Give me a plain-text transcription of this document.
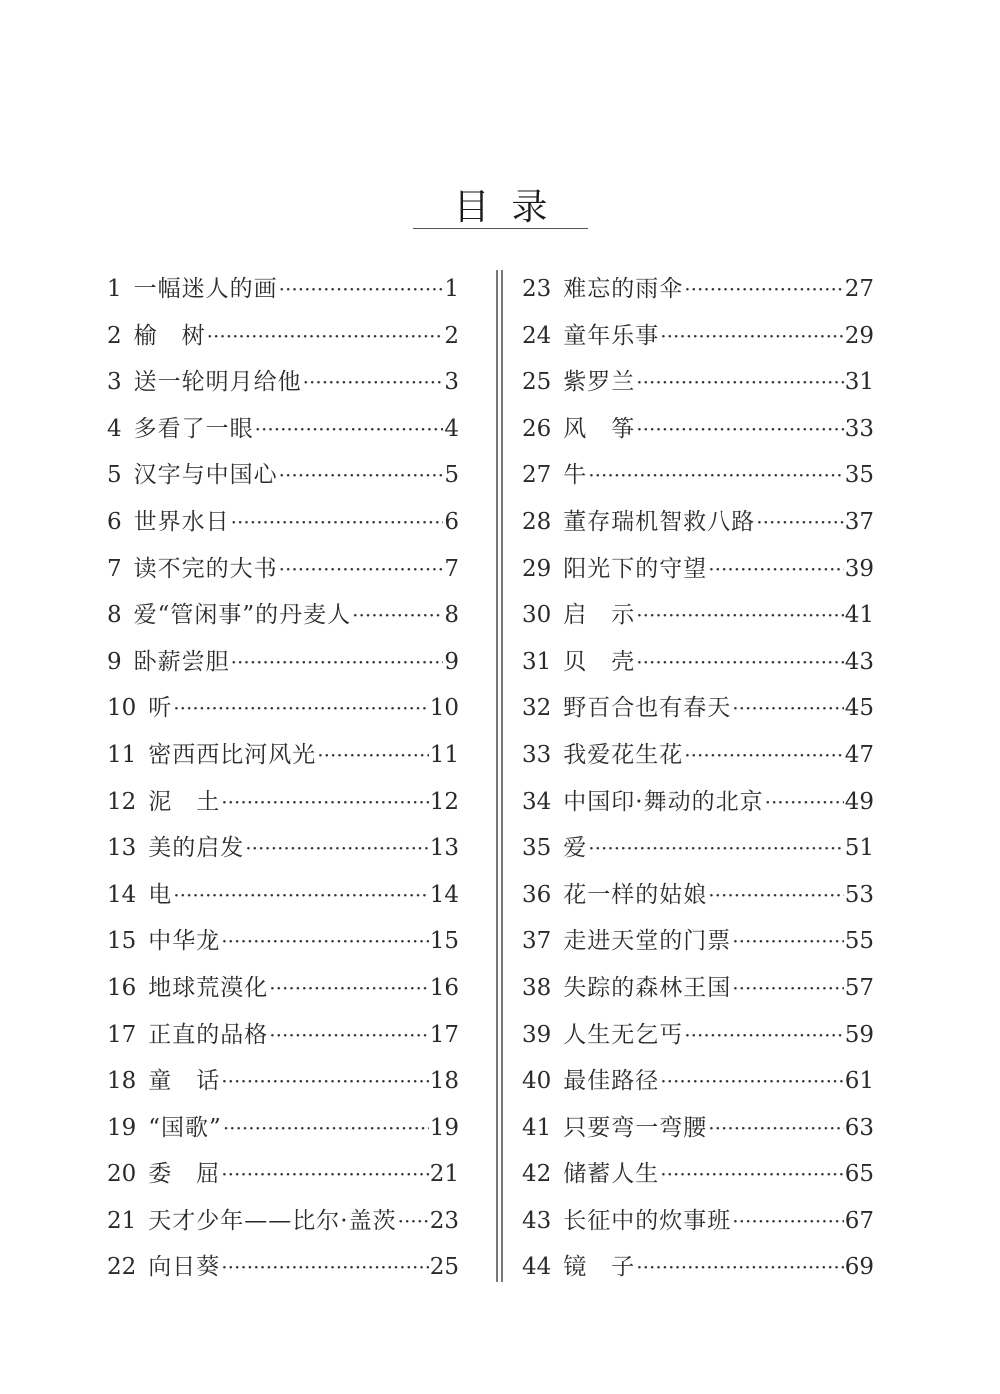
目录
1 一幅迷人的画 ·····	1
2 榆　树 ·····	2
3 送一轮明月给他 ·····	3
4 多看了一眼 ·····	4
5 汉字与中国心 ·····	5
6 世界水日 ·····	6
7 读不完的大书 ·····	7
8 爱“管闲事”的丹麦人 ·····	8
9 卧薪尝胆 ·····	9
10 听 ·····	10
11 密西西比河风光 ·····	11
12 泥　土 ·····	12
13 美的启发 ·····	13
14 电 ·····	14
15 中华龙 ·····	15
16 地球荒漠化 ·····	16
17 正直的品格 ·····	17
18 童　话 ·····	18
19 “国歌” ·····	19
20 委　屈 ·····	21
21 天才少年——比尔·盖茨 ····· 23
22 向日葵 ·····	25
23 难忘的雨伞 ·····	27
24 童年乐事 ·····	29
25 紫罗兰 ·····	31
26 风　筝 ·····	33
27 牛 ·····	35
28 董存瑞机智救八路 ·····	37
29 阳光下的守望 ·····	39
30 启　示 ·····	41
31 贝　壳 ·····	43
32 野百合也有春天 ·····	45
33 我爱花生花 ·····	47
34 中国印·舞动的北京 ·····	49
35 爱 ·····	51
36 花一样的姑娘 ·····	53
37 走进天堂的门票 ·····	55
38 失踪的森林王国 ·····	57
39 人生无乞丐 ·····	59
40 最佳路径 ·····	61
41 只要弯一弯腰 ·····	63
42 储蓄人生 ·····	65
43 长征中的炊事班 ·····	67
44 镜　子 ·····	69
